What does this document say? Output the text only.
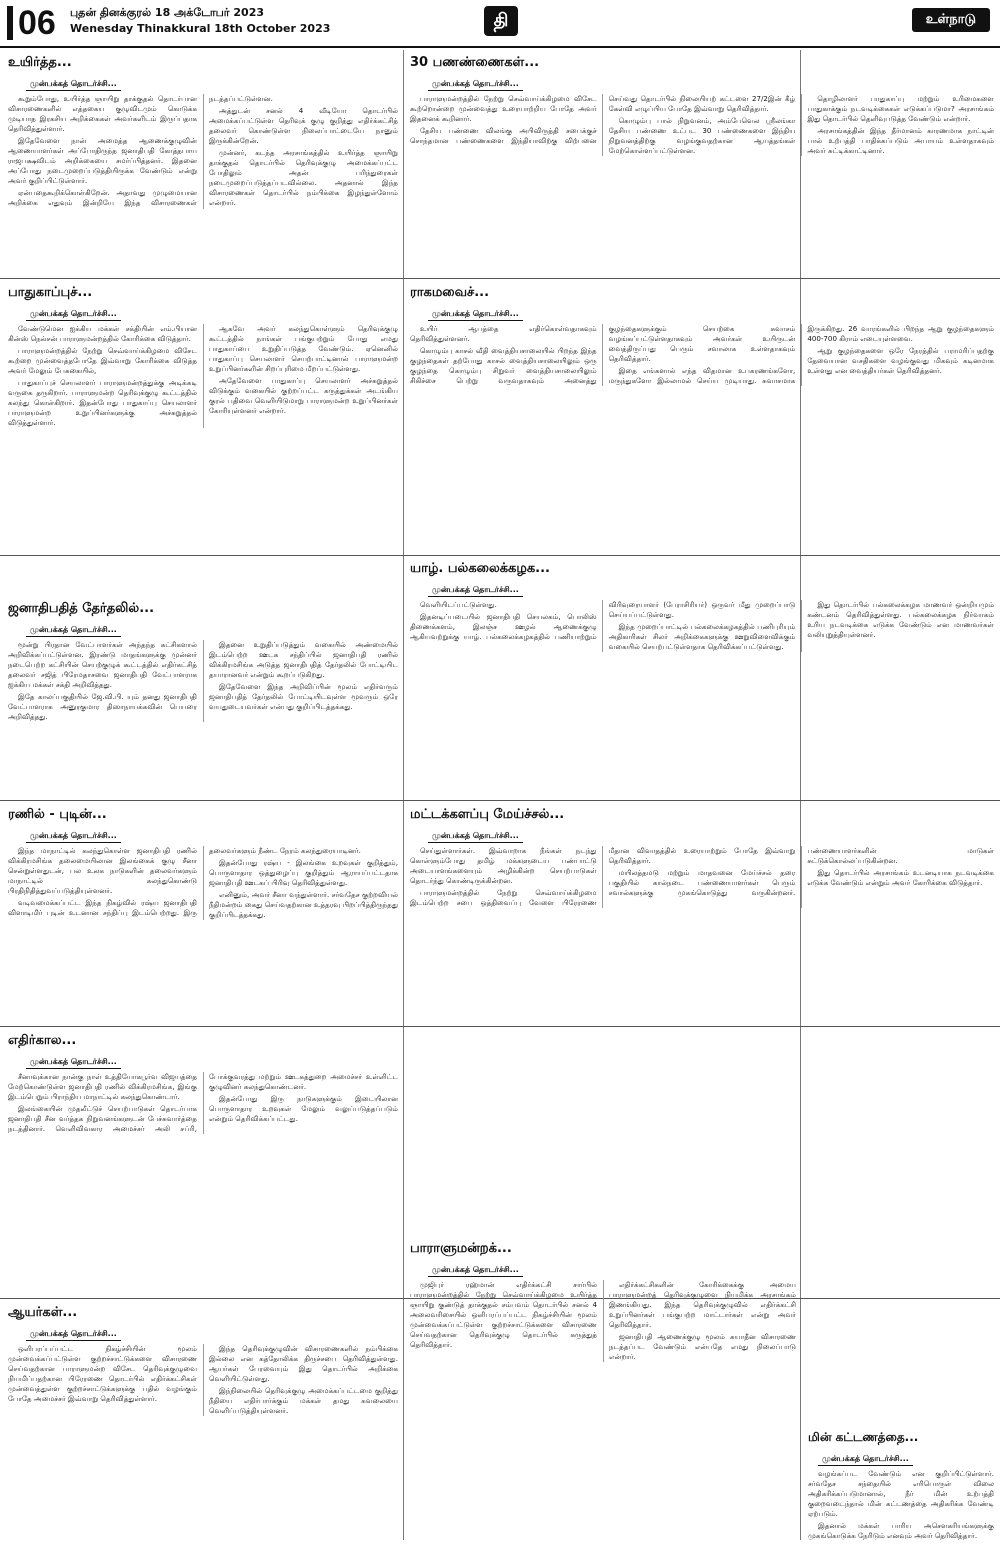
06 புதன் தினக்குரல் 18 அக்டோபர் 2023
Wenesday Thinakkural 18th October 2023	தி	உள்நாடு
உயிர்த்த...
முன்பக்கத் தொடர்ச்சி...

கூறும்போது, உயிர்த்த ஞாயிறு தாக்குதல் தொடர்பான விசாரணைகளில் எத்தகைய குழுவிடமும் கொடுக்க முடியாத இரகசிய அறிக்கைகள் அவர்களிடம் இருப்பதாக தெரிவித்துள்ளார்.

இதேவேளை நான் அமைத்த ஆணைக்குழுவின் ஆணையாளர்கள் அப்போதிருந்த ஜனாதிபதி கோத்தபாய ராஜபக்ஷவிடம் அறிக்கையை சமர்ப்பித்தனர். இதனை அப்போது நடைமுறைப்படுத்தியிருக்க வேண்டும் என்று அவர் குறிப்பிட்டுள்ளார்.

ஏன்பதைகூறிக்கொள்கிறேன். அதாவது முழுமையான அறிக்கை எதுவும் இன்றியே இந்த விசாரணைகள் நடத்தப்பட்டுள்ளன.

அத்துடன் சனல் 4 வீடியோ தொடர்பில் அமைக்கப்பட்டுள்ள தெரிவுக் குழு குறித்து எதிர்க்கட்சித் தலைவர் கொண்டுள்ள நிலைப்பாட்டையே நானும் இருக்கின்றேன்.

முன்னர், கடந்த அரசாங்கத்தில் உயிர்த்த ஞாயிறு தாக்குதல் தொடர்பில் தெரிவுக்குழு அமைக்கப்பட்ட போதிலும் அதன் பரிந்துரைகள் நடைமுறைப்படுத்தப்படவில்லை. அதனால் இந்த விசாரணைகள் தொடர்பில் நம்பிக்கை இழந்துள்ளோம் என்றார்.

30 பணண்ணைகள்...
முன்பக்கத் தொடர்ச்சி...

பாராளுமன்றத்தில் நேற்று செவ்வாய்க்கிழமை விசேட கூற்றொன்றை முன்வைத்து உரையாற்றிய போதே அவர் இதனைக் கூறினார்.

தேசிய பண்ணை விலங்கு அபிவிருத்தி சபைக்குச் சொந்தமான பண்ணைகளை இந்தியாவிற்கு விற்பனை செய்வது தொடர்பில் நிலையியற் கட்டளை 27/2இன் கீழ் கேள்வி எழுப்பிய போதே இவ்வாறு தெரிவித்தார்.

கொழும்பு பால் நிறுவனம், அம்பேவெல ஸ்ரீலங்கா தேசிய பண்ணை உட்பட 30 பண்ணைகளை இந்திய நிறுவனத்திற்கு வழங்குவதற்கான ஆயத்தங்கள் மேற்கொள்ளப்பட்டுள்ளன.

தொழிலாளர் பாதுகாப்பு மற்றும் உரிமைகளை பாதுகாக்கும் நடவடிக்கைகள் எடுக்கப்படுமா? அரசாங்கம் இது தொடர்பில் தெளிவுபடுத்த வேண்டும் என்றார்.

அரசாங்கத்தின் இந்த தீர்மானம் காரணமாக நாட்டின் பால் உற்பத்தி பாதிக்கப்படும் அபாயம் உள்ளதாகவும் அவர் சுட்டிக்காட்டினார்.

பாதுகாப்புச்...
முன்பக்கத் தொடர்ச்சி...

வேண்டுமென ஐக்கிய மக்கள் சக்தியின் எம்.பியான கின்ஸ் நெல்சன் பாராளுமன்றத்தில் கோரிக்கை விடுத்தார்.

பாராளுமன்றத்தில் நேற்று செவ்வாய்க்கிழமை விசேட கூற்றை முன்வைத்தபோதே இவ்வாறு கோரிக்கை விடுத்த அவர் மேலும் பேசுகையில்,

பாதுகாப்புச் செயலாளர் பாராளுமன்றத்துக்கு அடிக்கடி வருகை தருகிறார். பாராளுமன்ற தெரிவுக்குழு கூட்டத்தில் கலந்து கொள்கிறார். இதன்போது பாதுகாப்பு செயலாளர் பாராளுமன்ற உறுப்பினர்களுக்கு அச்சுறுத்தல் விடுத்துள்ளார்.

ஆகவே அவர் கலந்துகொள்ளும் தெரிவுக்குழு கூட்டத்தில் நாங்கள் பங்குபற்றும் போது எமது பாதுகாப்பை உறுதிப்படுத்த வேண்டும். ஏனெனில் பாதுகாப்பு செயலாளர் செயற்பாட்டினால் பாராளுமன்ற உறுப்பினர்களின் சிறப்புரிமை மீறப்பட்டுள்ளது.

அதேவேளை பாதுகாப்பு செயலாளர் அச்சுறுத்தல் விடுக்கும் வகையில் குற்றப்பட்ட கருத்துக்கள் அடங்கிய குரல் பதிவை வெளியிடுமாறு பாராளுமன்ற உறுப்பினர்கள் கோரியுள்ளனர் என்றார்.

ராகமவைச்...
முன்பக்கத் தொடர்ச்சி...

உயிர் ஆபத்தை எதிர்கொள்வதாகவும் தெரிவித்துள்ளனர்.

கொழும்பு காசல் வீதி வைத்தியசாலையில் பிறந்த இந்த குழந்தைகள் தற்போது காசல் வைத்தியசாலையிலும் ஒரு குழந்தை கொழும்பு சிறுவர் வைத்தியசாலையிலும் சிகிச்சை பெற்று வருவதாகவும் அனைத்து குழந்தைகளுக்கும் செயற்கை சுவாசம் வழங்கப்பட்டுள்ளதாகவும் அவர்கள் உயிருடன் வைத்திருப்பது பெரும் சவாலாக உள்ளதாகவும் தெரிவித்தார்.

இதை எங்களால் எந்த விதமான உபகரணங்களோ, மருந்துகளோ இல்லாமல் செய்ய முடியாது. சுவாசமாக இருக்கிறது. 26 வாரங்களில் பிறந்த ஆறு குழந்தைகளும் 400-700 கிராம் எடையுள்ளவை.

ஆறு குழந்தைகளை ஒரே நேரத்தில் பராமரிப்பதற்கு தேவையான வசதிகளை வழங்குவது மிகவும் கடினமாக உள்ளது என வைத்தியர்கள் தெரிவித்தனர்.

ஜனாதிபதித் தேர்தலில்...
முன்பக்கத் தொடர்ச்சி...

மூன்று பிரதான வேட்பாளர்கள் அந்தந்த கட்சிகளால் அறிவிக்கப்பட்டுள்ளன. இரண்டு மாதங்களுக்கு முன்னர் நடைபெற்ற கட்சியின் செயற்குழுக் கூட்டத்தில் எதிர்கட்சித் தலைவர் சஜித் பிரேமதாசவை ஜனாதிபதி வேட்பாளராக ஐக்கிய மக்கள் சக்தி அறிவித்தது.

இதே காலப்பகுதியில் ஜே.வி.பி. யும் தனது ஜனாதிபதி வேட்பாளராக அனுரகுமார திஸாநாயக்கவின் பெயரை அறிவித்தது.

இதனை உறுதிப்படுத்தும் வகையில் அண்மையில் இடம்பெற்ற ஊடக சந்திப்பில் ஜனாதிபதி ரணில் விக்கிரமசிங்க அடுத்த ஜனாதிபதித் தேர்தலில் போட்டியிட தயாரானவர் என்றும் கூறப்படுகிறது.

இதேவேளை இந்த அறிவிப்பின் மூலம் எதிர்வரும் ஜனாதிபதித் தேர்தலில் போட்டியிடவுள்ள மூவரும் ஒரே வயதுடையவர்கள் என்பது குறிப்பிடத்தக்கது.

யாழ். பல்கலைக்கழக...
முன்பக்கத் தொடர்ச்சி...

வெளியிடப்பட்டுள்ளது.

இதனடிப்படையில் ஜனாதிபதி செயலகம், பொலிஸ் திணைக்களம், இலஞ்ச ஊழல் ஆணைக்குழு ஆகியவற்றுக்கு யாழ். பல்கலைக்கழகத்தில் பணியாற்றும் விரிவுரையாளர் (பேராசிரியர்) ஒருவர் மீது முறைப்பாடு செய்யப்பட்டுள்ளது.

இந்த முறைப்பாட்டில் பல்கலைக்கழகத்தில் பணிபுரியும் அதிகாரிகள் சிலர் அறிக்கைகளுக்கு ஊறுவிளைவிக்கும் வகையில் செயற்பட்டுள்ளதாக தெரிவிக்கப்பட்டுள்ளது.

இது தொடர்பில் பல்கலைக்கழக மாணவர் ஒன்றியமும் கண்டனம் தெரிவித்துள்ளது. பல்கலைக்கழக நிர்வாகம் உரிய நடவடிக்கை எடுக்க வேண்டும் என மாணவர்கள் வலியுறுத்தியுள்ளனர்.

ரணில் - புடின்...
முன்பக்கத் தொடர்ச்சி...

இந்த மாநாட்டில் கலந்துகொள்ள ஜனாதிபதி ரணில் விக்கிரமசிங்க தலைமையிலான இலங்கைக் குழு சீனா சென்றுள்ளதுடன், பல உலக நாடுகளின் தலைவர்களும் மாநாட்டில் கலந்துகொண்டு பிரதிநிதித்துவப்படுத்தியுள்ளனர்.

வடிவமைக்கப்பட்ட இந்த நிகழ்வில் ரஷ்ய ஜனாதிபதி விளாடிமிர் புடின் உடனான சந்திப்பு இடம்பெற்றது. இரு தலைவர்களும் நீண்ட நேரம் கலந்துரையாடினர்.

இதன்போது ரஷ்ய - இலங்கை உறவுகள் குறித்தும், பொருளாதார ஒத்துழைப்பு குறித்தும் ஆராயப்பட்டதாக ஜனாதிபதி ஊடகப் பிரிவு தெரிவித்துள்ளது.

எனினும், அவர் சீனா வந்துள்ளார். சர்வதேச குற்றவியல் நீதிமன்றம் கைது செய்வதற்கான உத்தரவு பிறப்பித்திருந்தது குறிப்பிடத்தக்கது.

மட்டக்களப்பு மேய்ச்சல்...
முன்பக்கத் தொடர்ச்சி...

செய்துள்ளார்கள். இவ்வாறாக நீங்கள் நடந்து கொள்ளும்போது தமிழ் மக்களுடைய பண்பாட்டு அடையாளங்களையும் அழிக்கின்ற செயற்பாடுகள் தொடர்ந்து கொண்டிருக்கின்றன.

பாராளுமன்றத்தில் நேற்று செவ்வாய்க்கிழமை இடம்பெற்ற சபை ஒத்திவைப்பு வேளை பிரேரணை மீதான விவாதத்தில் உரையாற்றும் போதே இவ்வாறு தெரிவித்தார்.

மயிலத்தமடு மற்றும் மாதவனை மேய்ச்சல் தரை பகுதியில் கால்நடை பண்ணையாளர்கள் பெரும் சவால்களுக்கு முகங்கொடுத்து வருகின்றனர். பண்ணையாளர்களின் மாடுகள் சுட்டுக்கொல்லப்படுகின்றன.

இது தொடர்பில் அரசாங்கம் உடனடியாக நடவடிக்கை எடுக்க வேண்டும் என்றும் அவர் கோரிக்கை விடுத்தார்.

எதிர்கால...
முன்பக்கத் தொடர்ச்சி...

சீனாவுக்கான நான்கு நாள் உத்தியோகபூர்வ விஜயத்தை மேற்கொண்டுள்ள ஜனாதிபதி ரணில் விக்கிரமசிங்க, இங்கு இடம்பெறும் பிராந்திய மாநாட்டில் கலந்துகொண்டார்.

இலங்கையின் முதலீட்டுச் செயற்பாடுகள் தொடர்பாக ஜனாதிபதி சீன வர்த்தக நிறுவனங்களுடன் பேச்சுவார்த்தை நடத்தினார். வெளிவிவகார அமைச்சர் அலி சப்ரி, போக்குவரத்து மற்றும் ஊடகத்துறை அமைச்சர் உள்ளிட்ட குழுவினர் கலந்துகொண்டனர்.

இதன்போது இரு நாடுகளுக்கும் இடையிலான பொருளாதார உறவுகள் மேலும் வலுப்படுத்தப்படும் என்றும் தெரிவிக்கப்பட்டது.

பாராளுமன்றக்...
முன்பக்கத் தொடர்ச்சி...

முஜிபுர் ரஹ்மான் எதிர்க்கட்சி சார்பில் பாராளுமன்றத்தில் நேற்று செவ்வாய்க்கிழமை உயிர்த்த ஞாயிறு குண்டுத் தாக்குதல் சம்பவம் தொடர்பில் சனல் 4 அலைவரிசையில் ஒளிபரப்பப்பட்ட நிகழ்ச்சியின் மூலம் முன்வைக்கப்பட்டுள்ள குற்றச்சாட்டுக்களை விசாரணை செய்வதற்கான தெரிவுக்குழு தொடர்பில் கருத்துத் தெரிவித்தார்.

எதிர்க்கட்சிகளின் கோரிக்கைக்கு அமைய பாராளுமன்றத் தெரிவுக்குழுவை நியமிக்க அரசாங்கம் இணங்கியது. இந்த தெரிவுக்குழுவில் எதிர்க்கட்சி உறுப்பினர்கள் பங்குபற்ற மாட்டார்கள் என்று அவர் தெரிவித்தார்.

ஜனாதிபதி ஆணைக்குழு மூலம் சுயாதீன விசாரணை நடத்தப்பட வேண்டும் என்பதே எமது நிலைப்பாடு என்றார்.

ஆயர்கள்...
முன்பக்கத் தொடர்ச்சி...

ஒளிபரப்பப்பட்ட நிகழ்ச்சியின் மூலம் முன்வைக்கப்பட்டுள்ள குற்றச்சாட்டுக்களை விசாரணை செய்வதற்கான பாராளுமன்ற விசேட தெரிவுக்குழுவை நியமிப்பதற்கான பிரேரணை தொடர்பில் எதிர்க்கட்சிகள் முன்வைத்துள்ள குற்றச்சாட்டுக்களுக்கு பதில் வழங்கும் போதே அமைச்சர் இவ்வாறு தெரிவித்துள்ளார்.

இந்த தெரிவுக்குழுவின் விசாரணைகளில் நம்பிக்கை இல்லை என கத்தோலிக்க திருச்சபை தெரிவித்துள்ளது. ஆயர்கள் பேரவையும் இது தொடர்பில் அறிக்கை வெளியிட்டுள்ளது.

இந்நிலையில் தெரிவுக்குழு அமைக்கப்பட்டமை குறித்து நீதியை எதிர்பார்க்கும் மக்கள் தமது கவலையை வெளிப்படுத்தியுள்ளனர்.

மின் கட்டணத்தை...
முன்பக்கத் தொடர்ச்சி...

வழங்கப்பட வேண்டும் என குறிப்பிட்டுள்ளார். சர்வதேச சந்தையில் எரிபொருள் விலை அதிகரிக்கப்படுமானால், நீர் மின் உற்பத்தி குறைவடைந்தால் மின் கட்டணத்தை அதிகரிக்க வேண்டி ஏற்படும்.

இதனால் மக்கள் பாரிய அசௌகரியங்களுக்கு முகங்கொடுக்க நேரிடும் எனவும் அவர் தெரிவித்தார்.
